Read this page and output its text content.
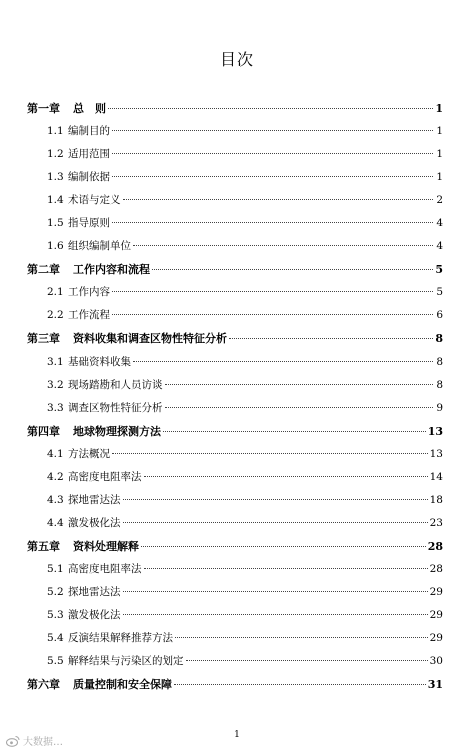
目次
第一章	总　则	1
1.1 编制目的	1
1.2 适用范围	1
1.3 编制依据	1
1.4 术语与定义	2
1.5 指导原则	4
1.6 组织编制单位	4
第二章	工作内容和流程	5
2.1 工作内容	5
2.2 工作流程	6
第三章	资料收集和调查区物性特征分析	8
3.1 基础资料收集	8
3.2 现场踏勘和人员访谈	8
3.3 调查区物性特征分析	9
第四章	地球物理探测方法	13
4.1 方法概况	13
4.2 高密度电阻率法	14
4.3 探地雷达法	18
4.4 激发极化法	23
第五章	资料处理解释	28
5.1 高密度电阻率法	28
5.2 探地雷达法	29
5.3 激发极化法	29
5.4 反演结果解释推荐方法	29
5.5 解释结果与污染区的划定	30
第六章	质量控制和安全保障	31
1
大数据…
